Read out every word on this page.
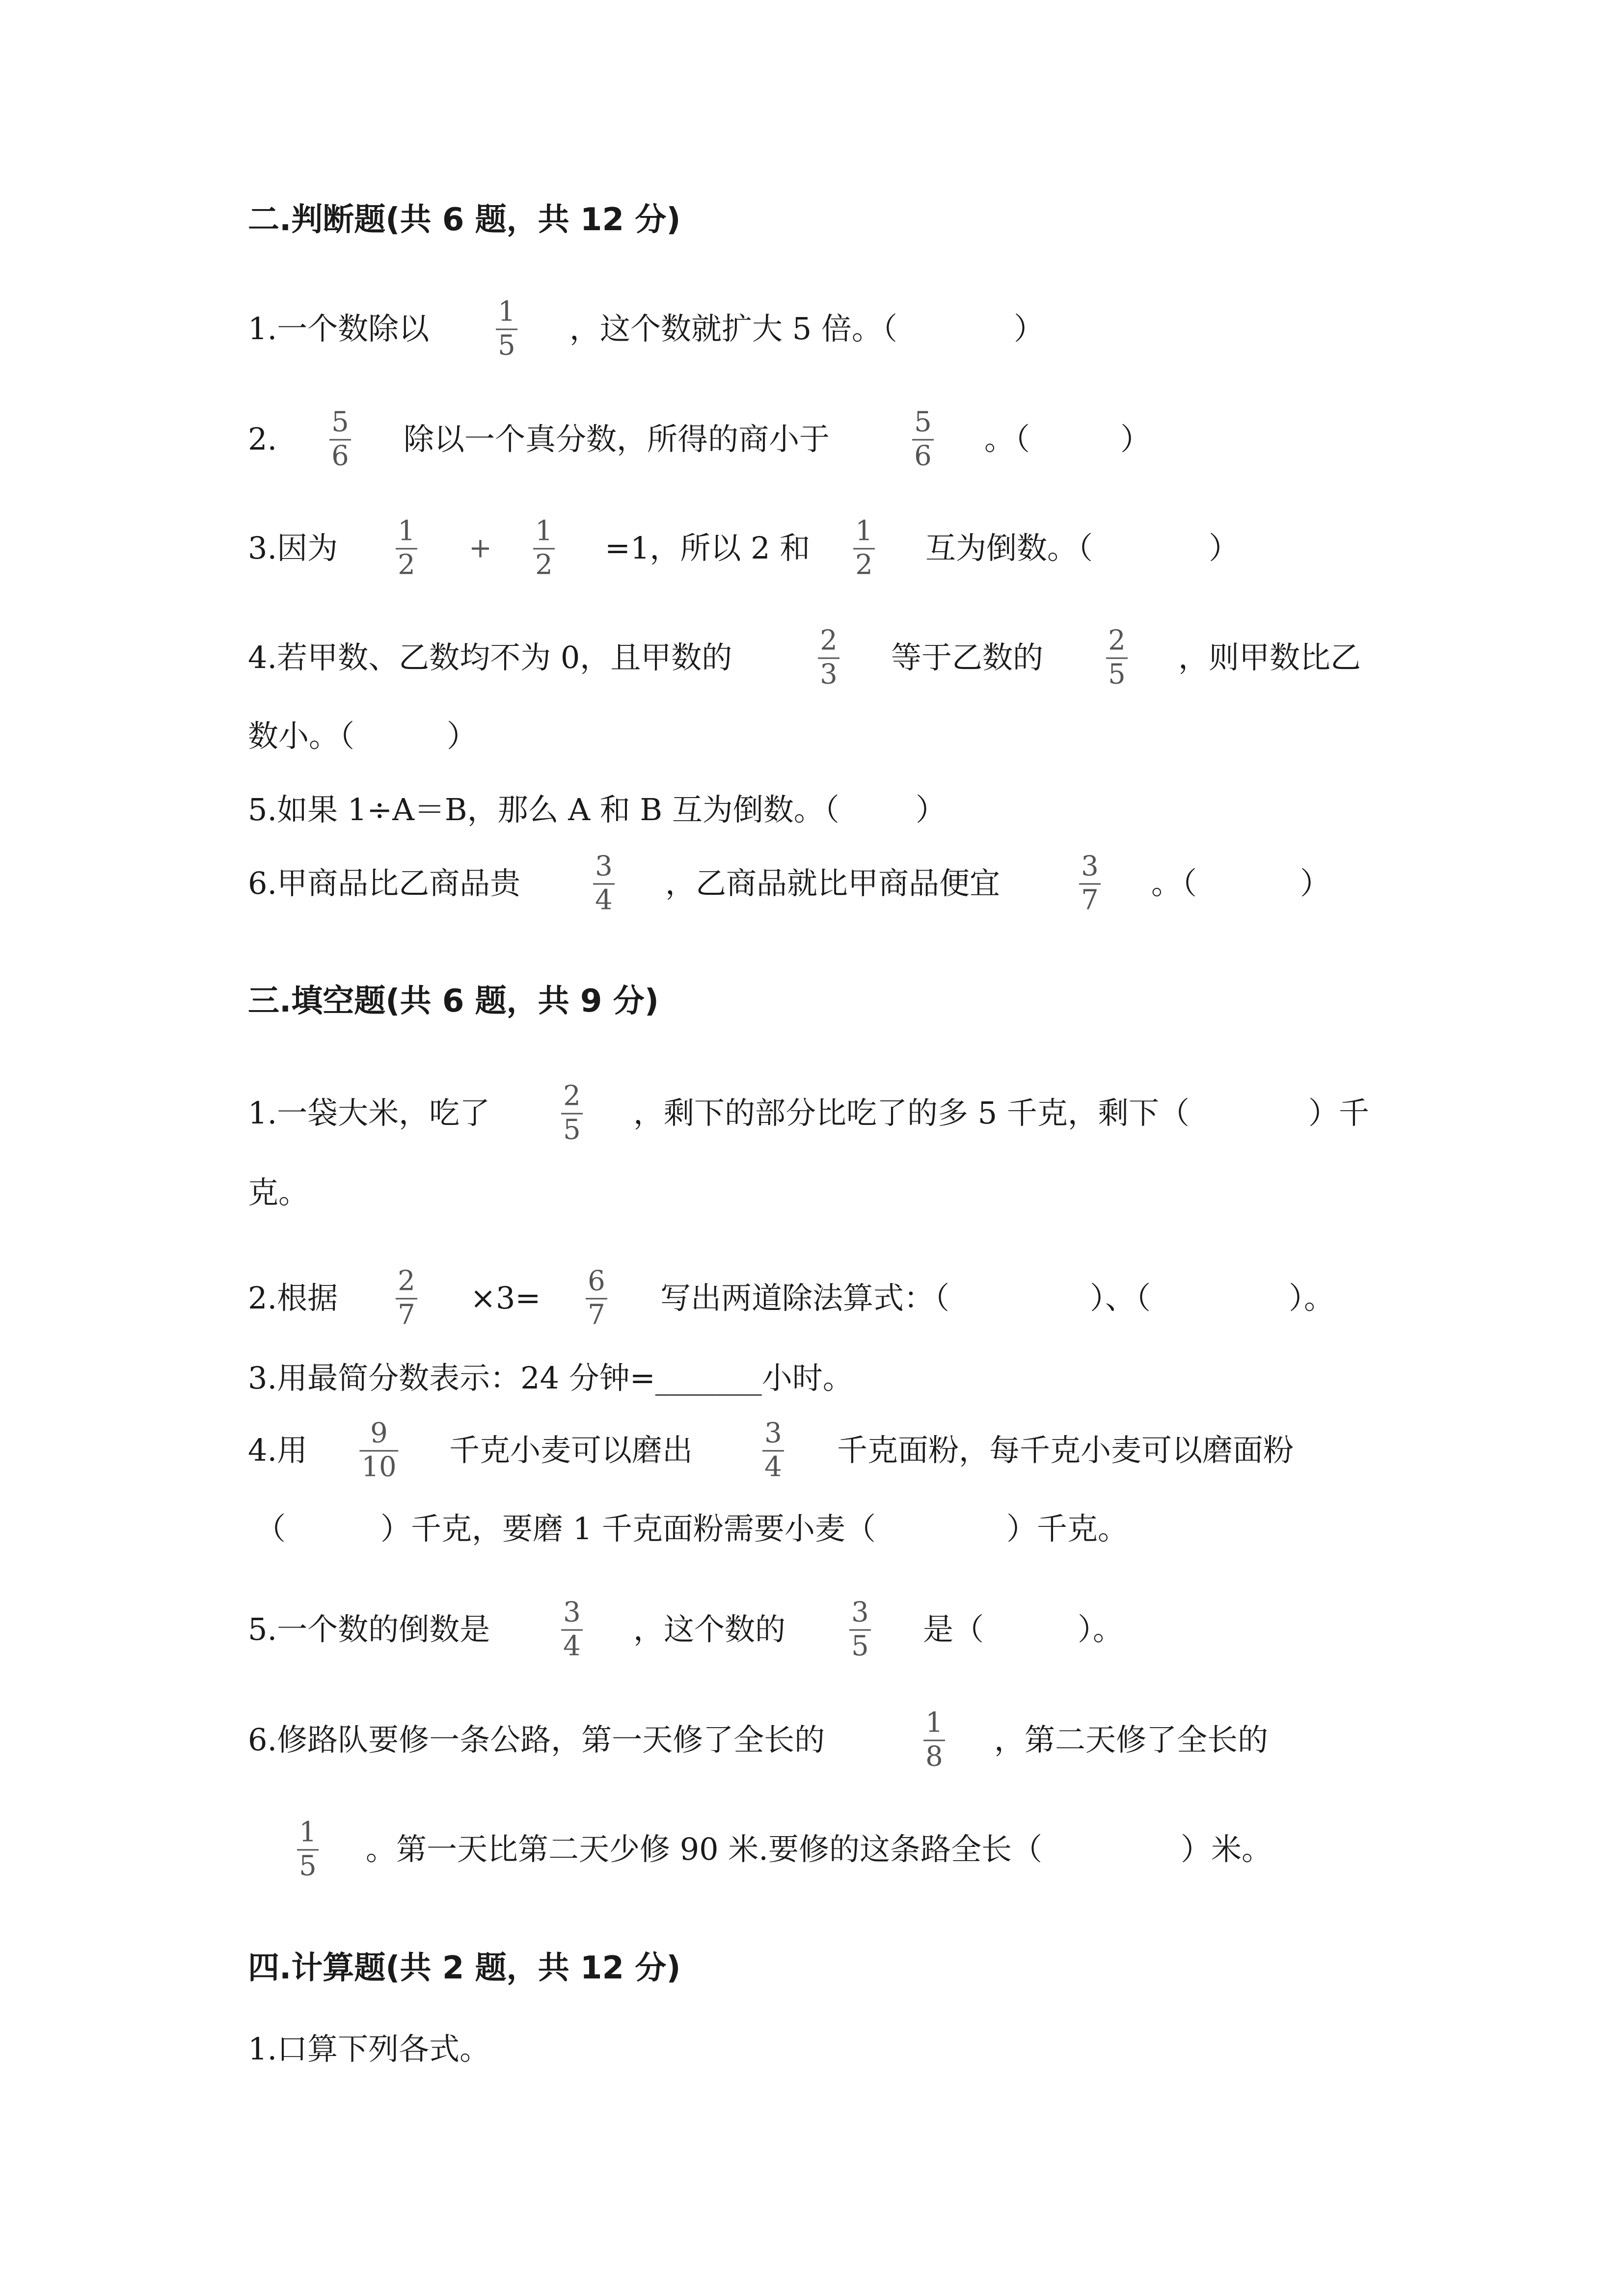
二.判断题(共 6 题，共 12 分)
1.一个数除以	1
5 ，这个数就扩大 5 倍。（	）
2. 5
6 除以一个真分数，所得的商小于	5
6 。（	）
3.因为 1
2
+
1
2 =1，所以 2 和 1
2 互为倒数。（	）
4.若甲数、乙数均不为 0，且甲数的	2
3 等于乙数的 2
5 ，则甲数比乙
数小。（	）
5.如果 1÷A＝B，那么 A 和 B 互为倒数。（	）
6.甲商品比乙商品贵	3
4 ，乙商品就比甲商品便宜	3
7 。（	）
三.填空题(共 6 题，共 9 分)
1.一袋大米，吃了	2
5 ，剩下的部分比吃了的多 5 千克，剩下（	）千
克。
2.根据 2
7 ×3= 6
7 写出两道除法算式：（	）、（	）。
3.用最简分数表示：24 分钟=_______小时。
4.用 9
10 千克小麦可以磨出	3
4 千克面粉，每千克小麦可以磨面粉
（	）千克，要磨 1 千克面粉需要小麦（	）千克。
5.一个数的倒数是	3
4 ，这个数的 3
5 是（	）。
6.修路队要修一条公路，第一天修了全长的	1
8 ，第二天修了全长的
1
5 。第一天比第二天少修 90 米.要修的这条路全长（	）米。
四.计算题(共 2 题，共 12 分)
1.口算下列各式。
